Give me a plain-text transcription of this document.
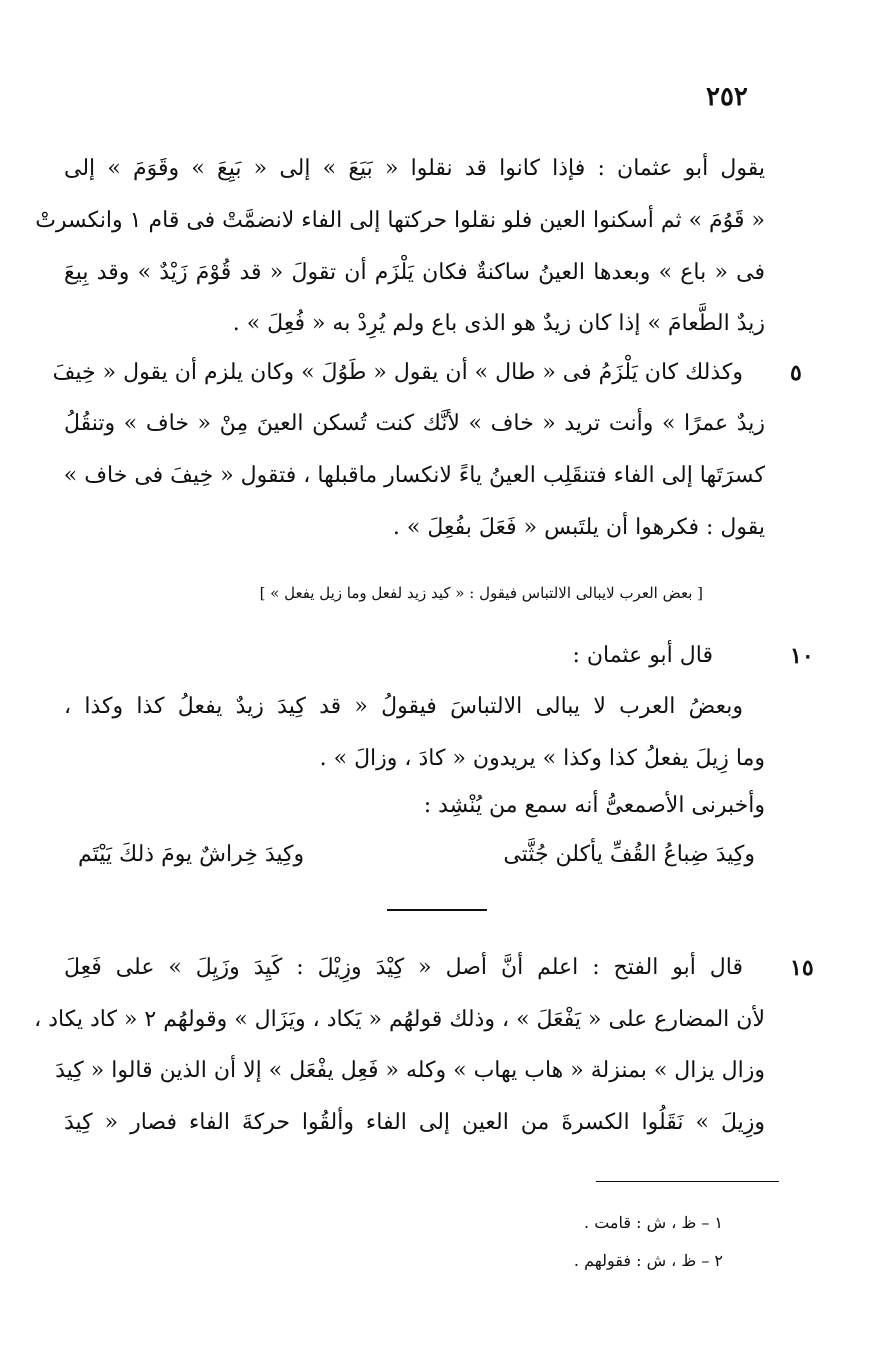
٢٥٢
يقول أبو عثمان : فإذا كانوا قد نقلوا « بَيَعَ » إلى « بَيِعَ » وقَوَمَ » إلى
« قَوُمَ » ثم أسكنوا العين فلو نقلوا حركتها إلى الفاء لانضمَّتْ فى قام ١ وانكسرتْ
فى « باع » وبعدها العينُ ساكنةٌ فكان يَلْزَم أن تقولَ « قد قُوْمَ زَيْدٌ » وقد بِيعَ
زيدٌ الطَّعامَ » إذا كان زيدٌ هو الذى باع ولم يُرِدْ به « فُعِلَ » .
٥
وكذلك كان يَلْزَمُ فى « طال » أن يقول « طَوُلَ » وكان يلزم أن يقول « خِيفَ
زيدٌ عمرًا » وأنت تريد « خاف » لأنَّك كنت تُسكن العينَ مِنْ « خاف » وتنقُلُ
كسرَتَها إلى الفاء فتنقَلِب العينُ ياءً لانكسار ماقبلها ، فتقول « خِيفَ فى خاف »
يقول : فكرهوا أن يلتَبس « فَعَلَ بفُعِلَ » .
[ بعض العرب لايبالى الالتباس فيقول : « كيد زيد لفعل وما زيل يفعل » ]
١٠
قال أبو عثمان :
وبعضُ العرب لا يبالى الالتباسَ فيقولُ « قد كِيدَ زيدٌ يفعلُ كذا وكذا ،
وما زِيلَ يفعلُ كذا وكذا » يريدون « كادَ ، وزالَ » .
وأخبرنى الأصمعىُّ أنه سمع من يُنْشِد :
وكِيدَ ضِباعُ القُفِّ يأكلن جُثَّتى
وكِيدَ خِراشٌ يومَ ذلكَ يَيْتَم
١٥
قال أبو الفتح : اعلم أنَّ أصل « كِيْدَ وزِيْلَ : كَيِدَ وزَيِلَ » على فَعِلَ
لأن المضارع على « يَفْعَلَ » ، وذلك قولهُم « يَكاد ، ويَزَال » وقولهُم ٢ « كاد يكاد ،
وزال يزال » بمنزلة « هاب يهاب » وكله « فَعِل يفْعَل » إلا أن الذين قالوا « كِيدَ
وزِيلَ » نَقَلُوا الكسرةَ من العين إلى الفاء وألقُوا حركةَ الفاء فصار « كِيدَ
١ – ظ ، ش : قامت .
٢ – ظ ، ش : فقولهم .
